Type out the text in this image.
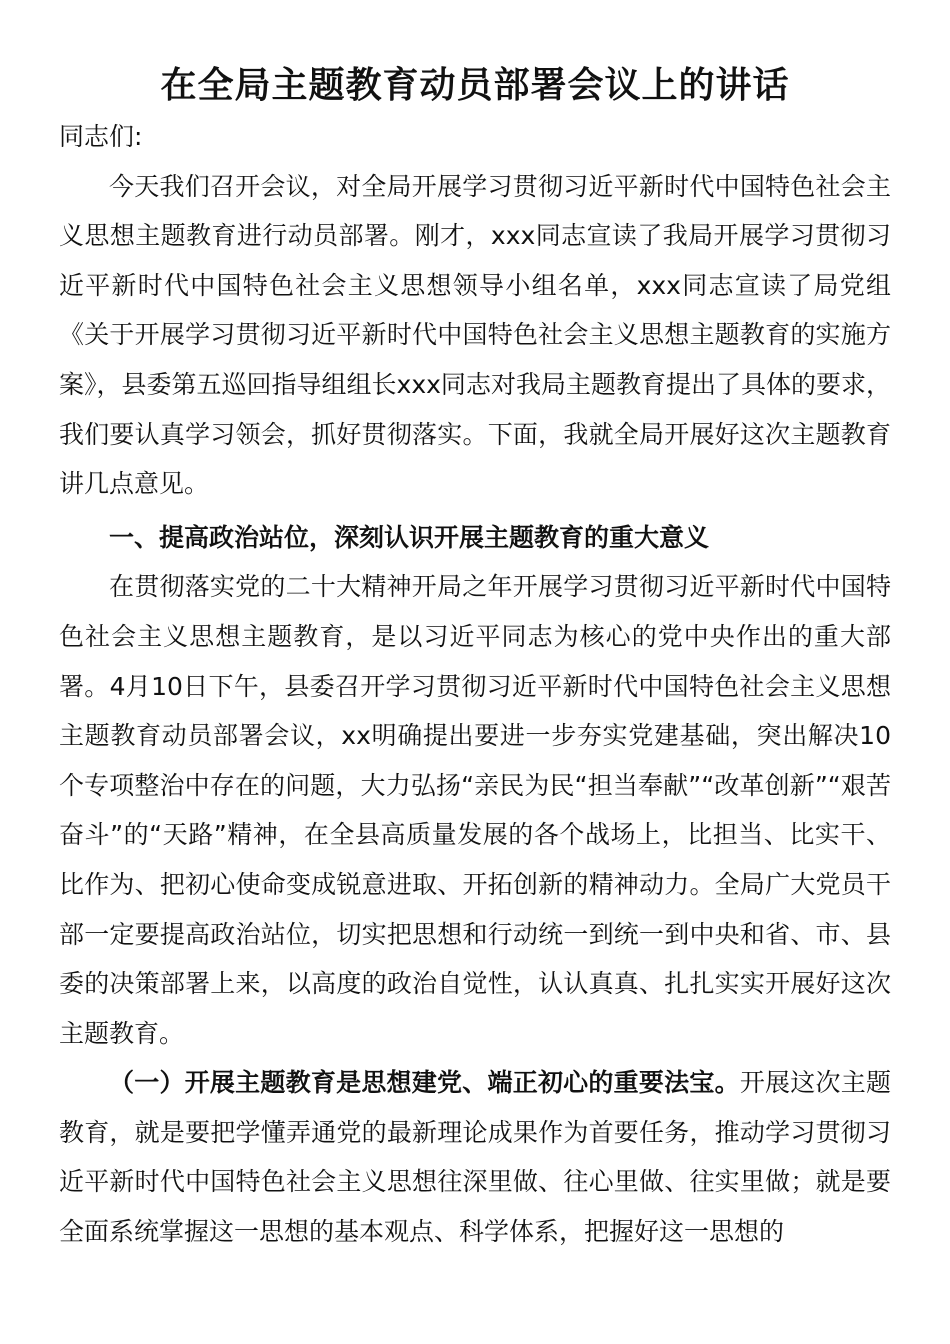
在全局主题教育动员部署会议上的讲话

同志们:

今天我们召开会议，对全局开展学习贯彻习近平新时代中国特色社会主义思想主题教育进行动员部署。刚才，xxx同志宣读了我局开展学习贯彻习近平新时代中国特色社会主义思想领导小组名单，xxx同志宣读了局党组《关于开展学习贯彻习近平新时代中国特色社会主义思想主题教育的实施方案》，县委第五巡回指导组组长xxx同志对我局主题教育提出了具体的要求，我们要认真学习领会，抓好贯彻落实。下面，我就全局开展好这次主题教育讲几点意见。

一、提高政治站位，深刻认识开展主题教育的重大意义

在贯彻落实党的二十大精神开局之年开展学习贯彻习近平新时代中国特色社会主义思想主题教育，是以习近平同志为核心的党中央作出的重大部署。4月10日下午，县委召开学习贯彻习近平新时代中国特色社会主义思想主题教育动员部署会议，xx明确提出要进一步夯实党建基础，突出解决10个专项整治中存在的问题，大力弘扬“亲民为民“担当奉献”“改革创新”“艰苦奋斗”的“天路”精神，在全县高质量发展的各个战场上，比担当、比实干、比作为、把初心使命变成锐意进取、开拓创新的精神动力。全局广大党员干部一定要提高政治站位，切实把思想和行动统一到统一到中央和省、市、县委的决策部署上来，以高度的政治自觉性，认认真真、扎扎实实开展好这次主题教育。

（一）开展主题教育是思想建党、端正初心的重要法宝。开展这次主题教育，就是要把学懂弄通党的最新理论成果作为首要任务，推动学习贯彻习近平新时代中国特色社会主义思想往深里做、往心里做、往实里做；就是要全面系统掌握这一思想的基本观点、科学体系，把握好这一思想的
